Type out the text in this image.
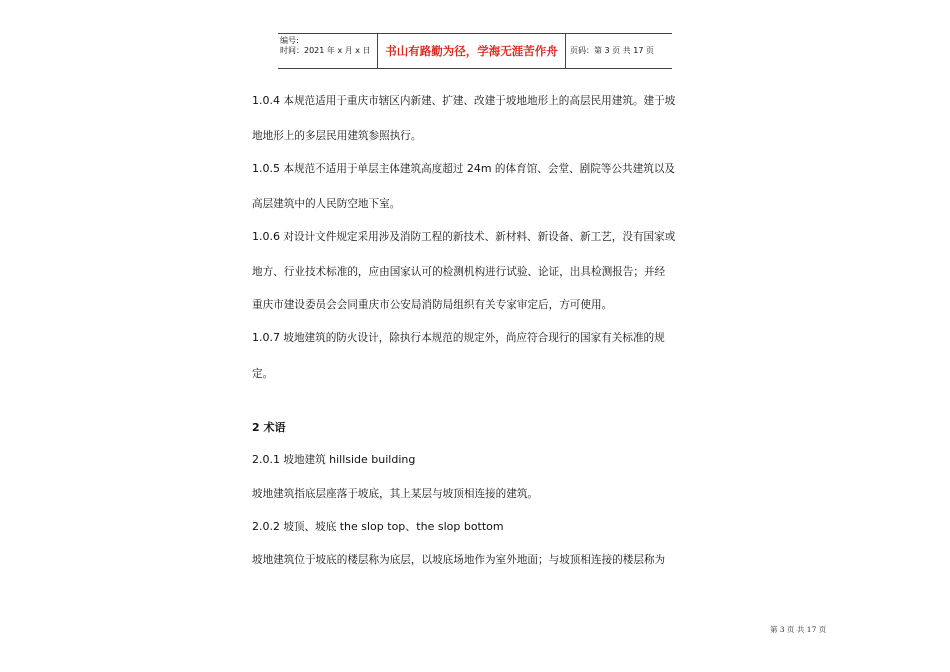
编号:
时间：2021 年 x 月 x 日	书山有路勤为径，学海无涯苦作舟	页码：第 3 页 共 17 页
1.0.4 本规范适用于重庆市辖区内新建、扩建、改建于坡地地形上的高层民用建筑。建于坡
地地形上的多层民用建筑参照执行。
1.0.5 本规范不适用于单层主体建筑高度超过 24m 的体育馆、会堂、剧院等公共建筑以及
高层建筑中的人民防空地下室。
1.0.6 对设计文件规定采用涉及消防工程的新技术、新材料、新设备、新工艺，没有国家或
地方、行业技术标准的，应由国家认可的检测机构进行试验、论证，出具检测报告；并经
重庆市建设委员会会同重庆市公安局消防局组织有关专家审定后，方可使用。
1.0.7 坡地建筑的防火设计，除执行本规范的规定外，尚应符合现行的国家有关标准的规
定。
2 术语
2.0.1 坡地建筑 hillside building
坡地建筑指底层座落于坡底，其上某层与坡顶相连接的建筑。
2.0.2 坡顶、坡底 the slop top、the slop bottom
坡地建筑位于坡底的楼层称为底层，以坡底场地作为室外地面；与坡顶相连接的楼层称为
第 3 页 共 17 页
